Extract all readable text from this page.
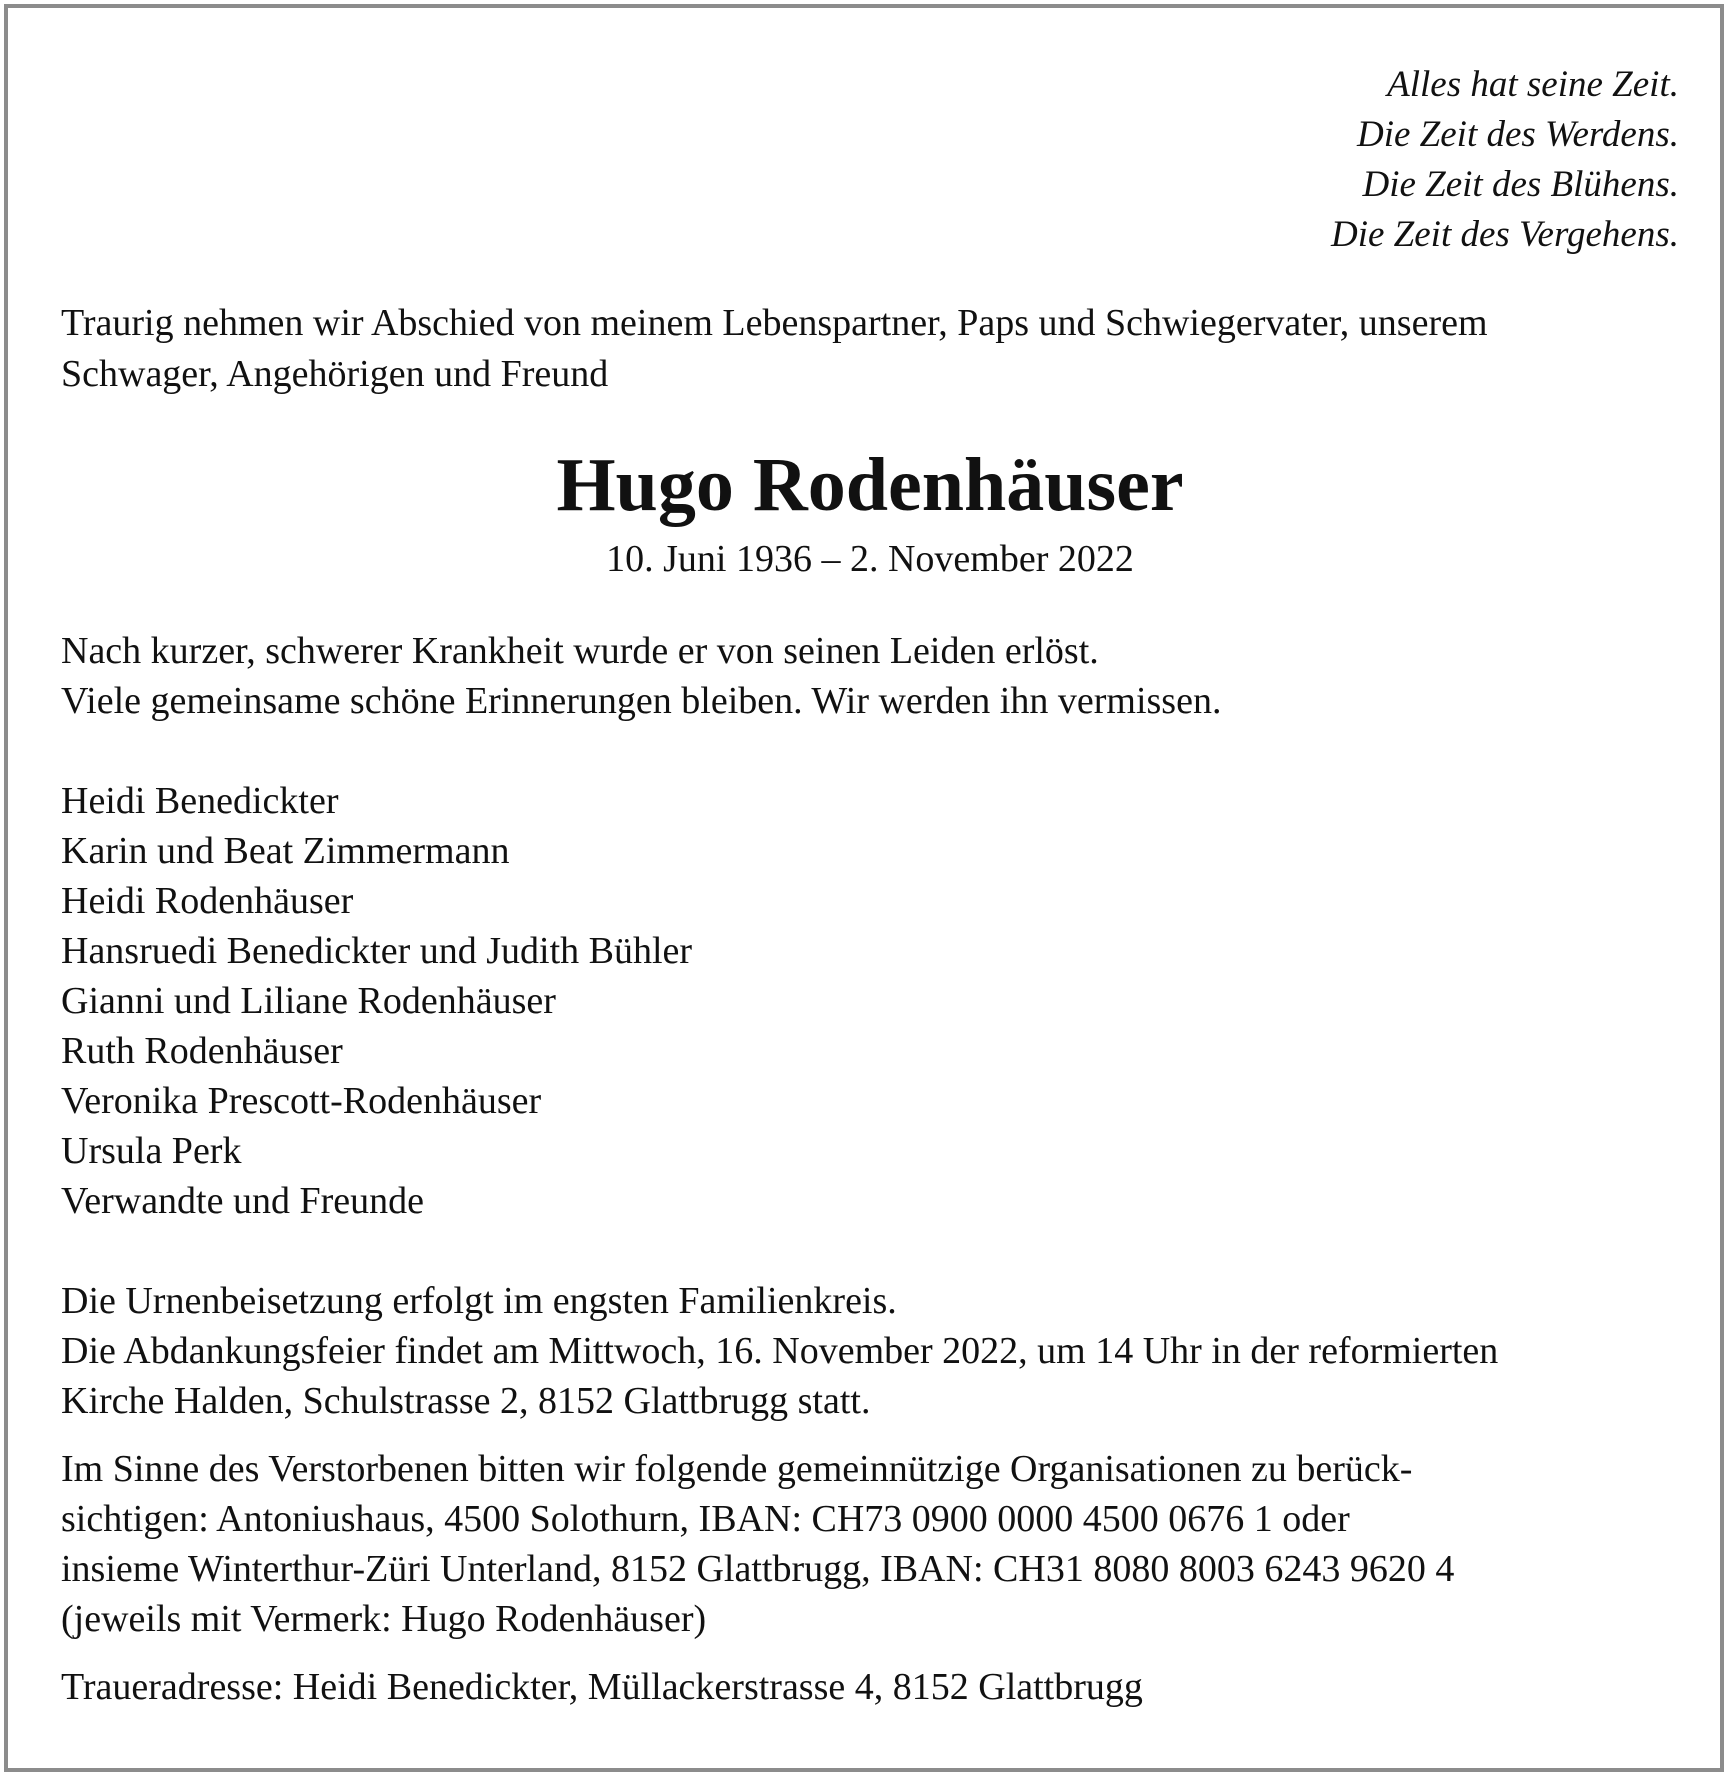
Alles hat seine Zeit.
Die Zeit des Werdens.
Die Zeit des Blühens.
Die Zeit des Vergehens.
Traurig nehmen wir Abschied von meinem Lebenspartner, Paps und Schwiegervater, unserem
Schwager, Angehörigen und Freund
Hugo Rodenhäuser
10. Juni 1936 – 2. November 2022
Nach kurzer, schwerer Krankheit wurde er von seinen Leiden erlöst.
Viele gemeinsame schöne Erinnerungen bleiben. Wir werden ihn vermissen.
Heidi Benedickter
Karin und Beat Zimmermann
Heidi Rodenhäuser
Hansruedi Benedickter und Judith Bühler
Gianni und Liliane Rodenhäuser
Ruth Rodenhäuser
Veronika Prescott-Rodenhäuser
Ursula Perk
Verwandte und Freunde
Die Urnenbeisetzung erfolgt im engsten Familienkreis.
Die Abdankungsfeier findet am Mittwoch, 16. November 2022, um 14 Uhr in der reformierten
Kirche Halden, Schulstrasse 2, 8152 Glattbrugg statt.
Im Sinne des Verstorbenen bitten wir folgende gemeinnützige Organisationen zu berück-
sichtigen: Antoniushaus, 4500 Solothurn, IBAN: CH73 0900 0000 4500 0676 1 oder
insieme Winterthur-Züri Unterland, 8152 Glattbrugg, IBAN: CH31 8080 8003 6243 9620 4
(jeweils mit Vermerk: Hugo Rodenhäuser)
Traueradresse: Heidi Benedickter, Müllackerstrasse 4, 8152 Glattbrugg
